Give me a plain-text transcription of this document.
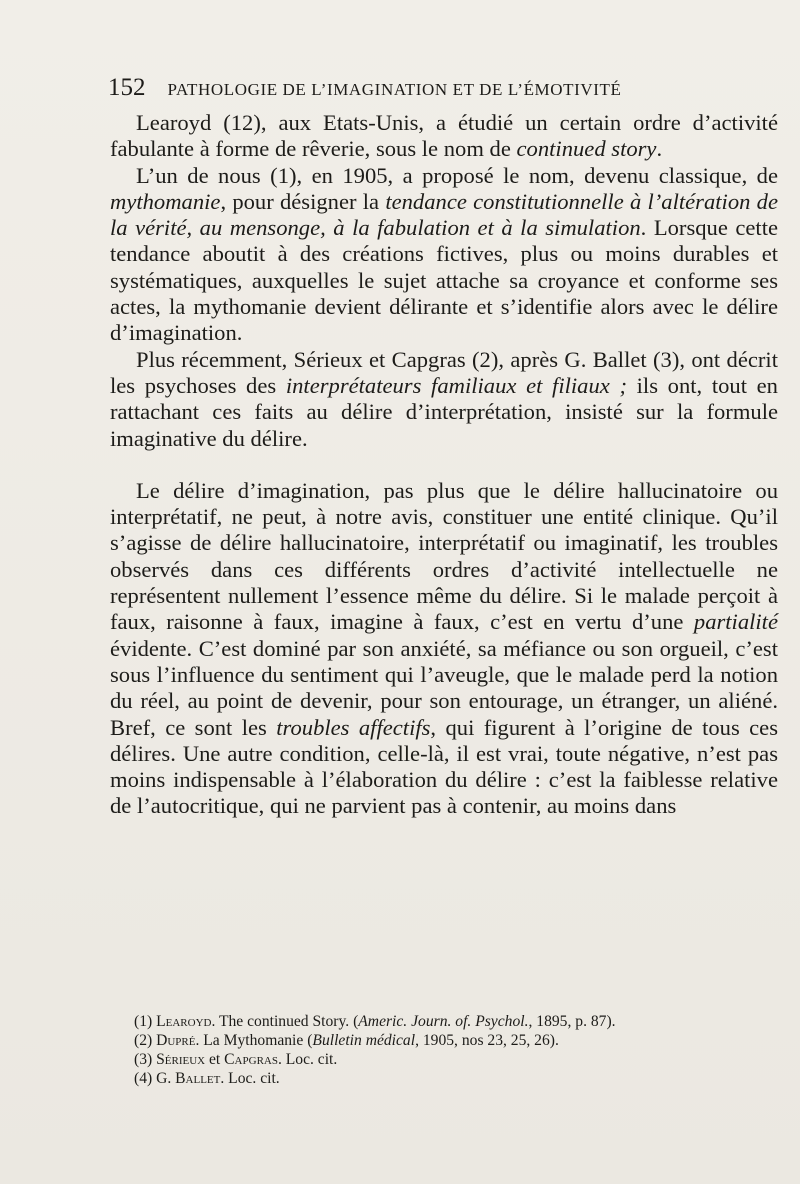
152 PATHOLOGIE DE L’IMAGINATION ET DE L’ÉMOTIVITÉ

Learoyd (12), aux Etats-Unis, a étudié un certain ordre d’activité fabulante à forme de rêverie, sous le nom de continued story.

L’un de nous (1), en 1905, a proposé le nom, devenu classique, de mythomanie, pour désigner la tendance constitutionnelle à l’altération de la vérité, au mensonge, à la fabulation et à la simulation. Lorsque cette tendance aboutit à des créations fictives, plus ou moins durables et systématiques, auxquelles le sujet attache sa croyance et conforme ses actes, la mythomanie devient délirante et s’identifie alors avec le délire d’imagination.

Plus récemment, Sérieux et Capgras (2), après G. Ballet (3), ont décrit les psychoses des interprétateurs familiaux et filiaux ; ils ont, tout en rattachant ces faits au délire d’interprétation, insisté sur la formule imaginative du délire.

Le délire d’imagination, pas plus que le délire hallucinatoire ou interprétatif, ne peut, à notre avis, constituer une entité clinique. Qu’il s’agisse de délire hallucinatoire, interprétatif ou imaginatif, les troubles observés dans ces différents ordres d’activité intellectuelle ne représentent nullement l’essence même du délire. Si le malade perçoit à faux, raisonne à faux, imagine à faux, c’est en vertu d’une partialité évidente. C’est dominé par son anxiété, sa méfiance ou son orgueil, c’est sous l’influence du sentiment qui l’aveugle, que le malade perd la notion du réel, au point de devenir, pour son entourage, un étranger, un aliéné. Bref, ce sont les troubles affectifs, qui figurent à l’origine de tous ces délires. Une autre condition, celle-là, il est vrai, toute négative, n’est pas moins indispensable à l’élaboration du délire : c’est la faiblesse relative de l’autocritique, qui ne parvient pas à contenir, au moins dans

(1) Learoyd. The continued Story. (Americ. Journ. of. Psychol., 1895, p. 87).

(2) Dupré. La Mythomanie (Bulletin médical, 1905, nos 23, 25, 26).

(3) Sérieux et Capgras. Loc. cit.

(4) G. Ballet. Loc. cit.
